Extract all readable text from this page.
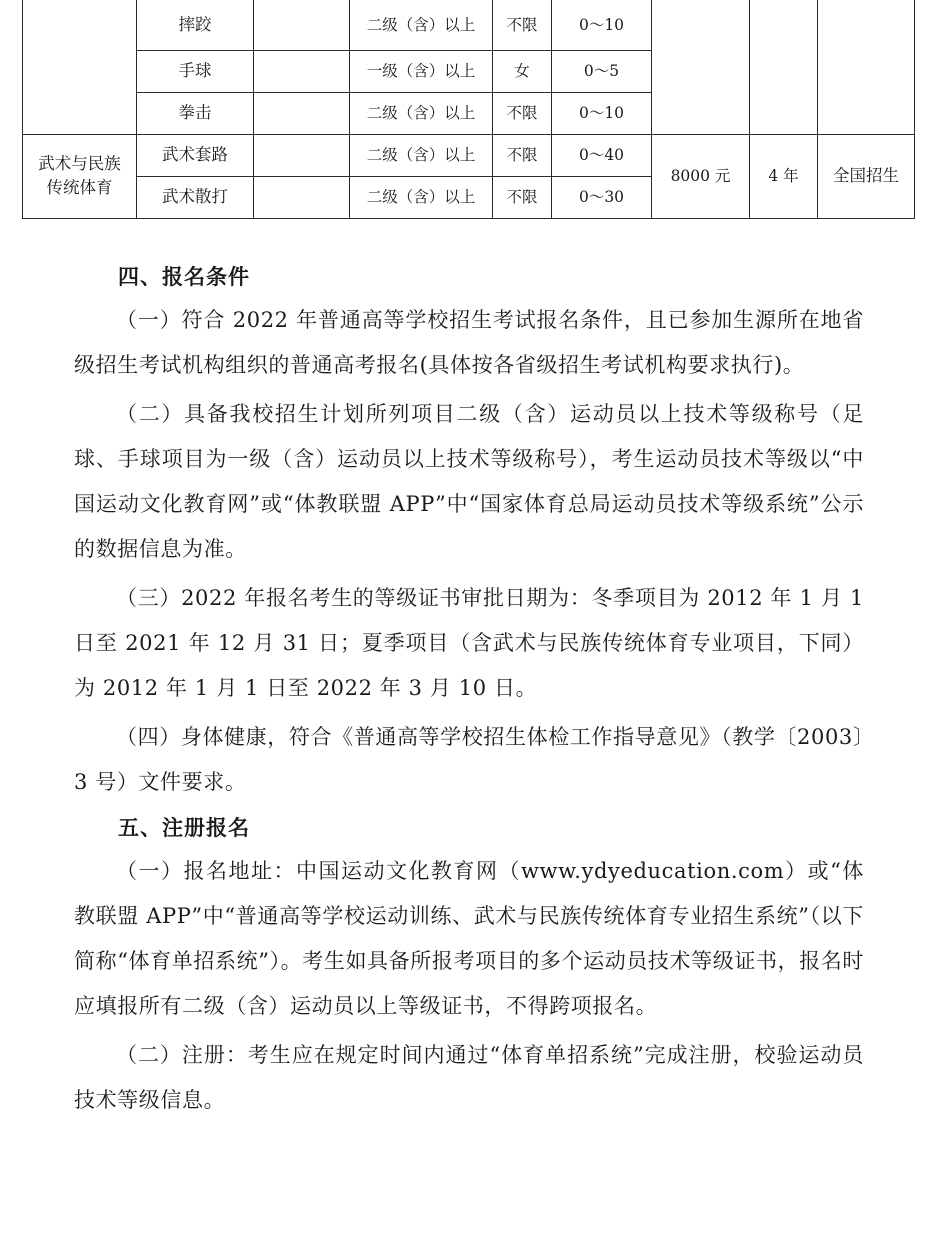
	摔跤		二级（含）以上	不限	0～10			
	手球		一级（含）以上	女	0～5			
	拳击		二级（含）以上	不限	0～10			
武术与民族传统体育	武术套路		二级（含）以上	不限	0～40	8000 元	4 年	全国招生
	武术散打		二级（含）以上	不限	0～30			
四、报名条件

（一）符合 2022 年普通高等学校招生考试报名条件，且已参加生源所在地省级招生考试机构组织的普通高考报名(具体按各省级招生考试机构要求执行)。

（二）具备我校招生计划所列项目二级（含）运动员以上技术等级称号（足球、手球项目为一级（含）运动员以上技术等级称号），考生运动员技术等级以“中国运动文化教育网”或“体教联盟 APP”中“国家体育总局运动员技术等级系统”公示的数据信息为准。

（三）2022 年报名考生的等级证书审批日期为：冬季项目为 2012 年 1 月 1 日至 2021 年 12 月 31 日；夏季项目（含武术与民族传统体育专业项目，下同）为 2012 年 1 月 1 日至 2022 年 3 月 10 日。

（四）身体健康，符合《普通高等学校招生体检工作指导意见》（教学〔2003〕3 号）文件要求。

五、注册报名

（一）报名地址：中国运动文化教育网（www.ydyeducation.com）或“体教联盟 APP”中“普通高等学校运动训练、武术与民族传统体育专业招生系统”（以下简称“体育单招系统”）。考生如具备所报考项目的多个运动员技术等级证书，报名时应填报所有二级（含）运动员以上等级证书，不得跨项报名。

（二）注册：考生应在规定时间内通过“体育单招系统”完成注册，校验运动员技术等级信息。
